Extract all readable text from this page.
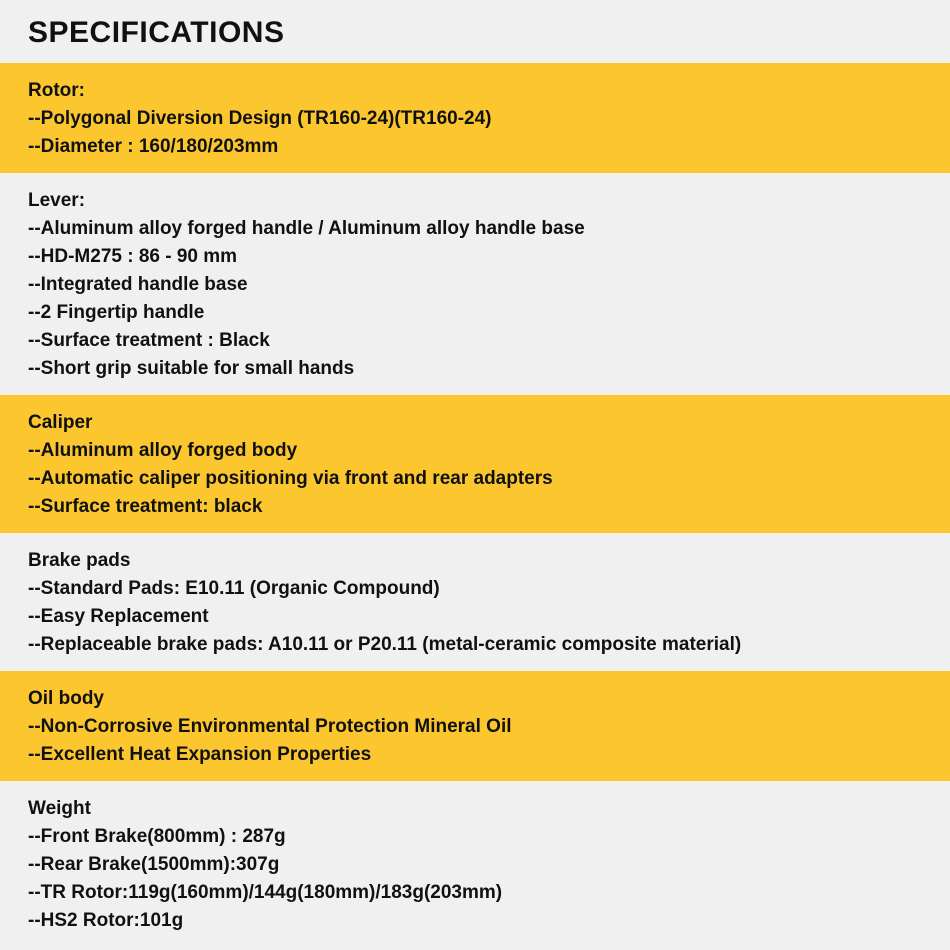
SPECIFICATIONS
Rotor:
--Polygonal Diversion Design (TR160-24)(TR160-24)
--Diameter : 160/180/203mm
Lever:
--Aluminum alloy forged handle / Aluminum alloy handle base
--HD-M275 : 86 - 90 mm
--Integrated handle base
--2 Fingertip handle
--Surface treatment : Black
--Short grip suitable for small hands
Caliper
--Aluminum alloy forged body
--Automatic caliper positioning via front and rear adapters
--Surface treatment: black
Brake pads
--Standard Pads: E10.11 (Organic Compound)
--Easy Replacement
--Replaceable brake pads: A10.11 or P20.11 (metal-ceramic composite material)
Oil body
--Non-Corrosive Environmental Protection Mineral Oil
--Excellent Heat Expansion Properties
Weight
--Front Brake(800mm) : 287g
--Rear Brake(1500mm):307g
--TR Rotor:119g(160mm)/144g(180mm)/183g(203mm)
--HS2 Rotor:101g
